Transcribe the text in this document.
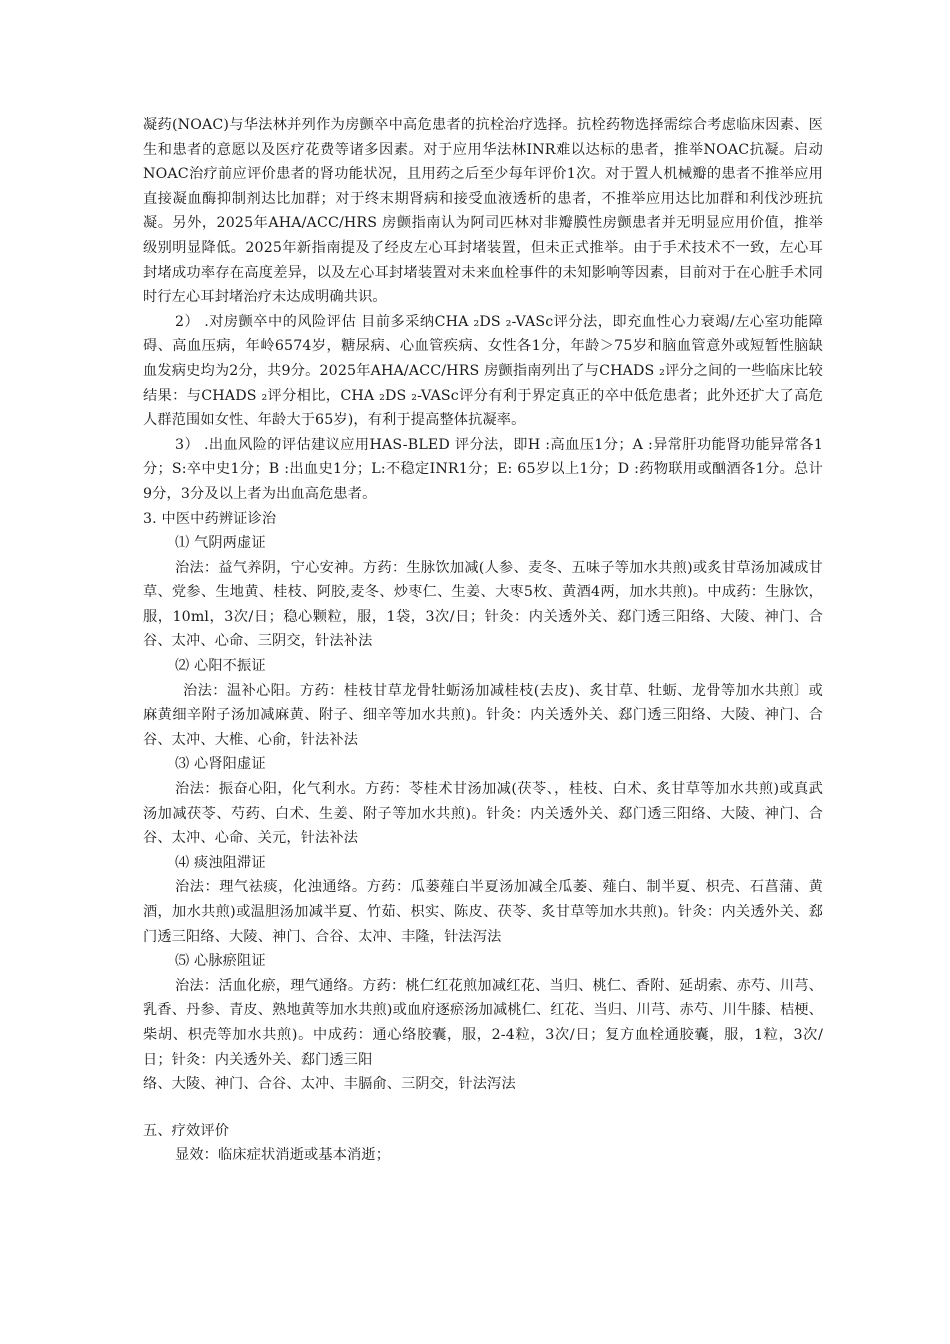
凝药(NOAC)与华法林并列作为房颤卒中高危患者的抗栓治疗选择。抗栓药物选择需综合考虑临床因素、医生和患者的意愿以及医疗花费等诸多因素。对于应用华法林INR难以达标的患者，推举NOAC抗凝。启动NOAC治疗前应评价患者的肾功能状况，且用药之后至少每年评价1次。对于置人机械瓣的患者不推举应用直接凝血酶抑制剂达比加群；对于终末期肾病和接受血液透析的患者，不推举应用达比加群和利伐沙班抗凝。另外，2025年AHA/ACC/HRS 房颤指南认为阿司匹林对非瓣膜性房颤患者并无明显应用价值，推举级别明显降低。2025年新指南提及了经皮左心耳封堵装置，但未正式推举。由于手术技术不一致，左心耳封堵成功率存在高度差异，以及左心耳封堵装置对未来血栓事件的未知影响等因素，目前对于在心脏手术同时行左心耳封堵治疗未达成明确共识。

2） .对房颤卒中的风险评估 目前多采纳CHA ₂DS ₂-VASc评分法，即充血性心力衰竭/左心室功能障碍、高血压病，年岭6574岁，糖尿病、心血管疾病、女性各1分，年龄＞75岁和脑血管意外或短暂性脑缺血发病史均为2分，共9分。2025年AHA/ACC/HRS 房颤指南列出了与CHADS ₂评分之间的一些临床比较结果：与CHADS ₂评分相比，CHA ₂DS ₂-VASc评分有利于界定真正的卒中低危患者；此外还扩大了高危人群范围如女性、年龄大于65岁)，有利于提高整体抗凝率。

3） .出血风险的评估建议应用HAS-BLED 评分法，即H :高血压1分；A :异常肝功能肾功能异常各1分；S:卒中史1分；B :出血史1分；L:不稳定INR1分；E: 65岁以上1分；D :药物联用或酗酒各1分。总计9分，3分及以上者为出血高危患者。

3. 中医中药辨证诊治

⑴ 气阴两虚证

治法：益气养阴，宁心安神。方药：生脉饮加减(人参、麦冬、五味子等加水共煎)或炙甘草汤加减成甘草、党参、生地黄、桂枝、阿胶,麦冬、炒枣仁、生姜、大枣5枚、黄酒4两，加水共煎)。中成药：生脉饮，服，10ml，3次/日；稳心颗粒，服，1袋，3次/日；针灸：内关透外关、郄门透三阳络、大陵、神门、合谷、太冲、心命、三阴交，针法补法

⑵ 心阳不振证

治法：温补心阳。方药：桂枝甘草龙骨牡蛎汤加减桂枝(去皮)、炙甘草、牡蛎、龙骨等加水共煎〕或麻黄细辛附子汤加减麻黄、附子、细辛等加水共煎)。针灸：内关透外关、郄门透三阳络、大陵、神门、合谷、太冲、大椎、心俞，针法补法

⑶ 心肾阳虚证

治法：振奋心阳，化气利水。方药：苓桂术甘汤加减(茯苓、，桂枝、白术、炙甘草等加水共煎)或真武汤加减茯苓、芍药、白术、生姜、附子等加水共煎)。针灸：内关透外关、郄门透三阳络、大陵、神门、合谷、太冲、心命、关元，针法补法

⑷ 痰浊阻滞证

治法：理气祛痰，化浊通络。方药：瓜蒌薤白半夏汤加减全瓜萎、薤白、制半夏、枳壳、石菖蒲、黄酒，加水共煎)或温胆汤加减半夏、竹茹、枳实、陈皮、茯苓、炙甘草等加水共煎)。针灸：内关透外关、郄门透三阳络、大陵、神门、合谷、太冲、丰隆，针法泻法

⑸ 心脉瘀阻证

治法：活血化瘀，理气通络。方药：桃仁红花煎加减红花、当归、桃仁、香附、延胡索、赤芍、川芎、乳香、丹参、青皮、熟地黄等加水共煎)或血府逐瘀汤加减桃仁、红花、当归、川芎、赤芍、川牛膝、桔梗、柴胡、枳壳等加水共煎)。中成药：通心络胶囊，服，2-4粒，3次/日；复方血栓通胶囊，服，1粒，3次/日；针灸：内关透外关、郄门透三阳

络、大陵、神门、合谷、太冲、丰膈俞、三阴交，针法泻法

五、疗效评价

显效：临床症状消逝或基本消逝；
